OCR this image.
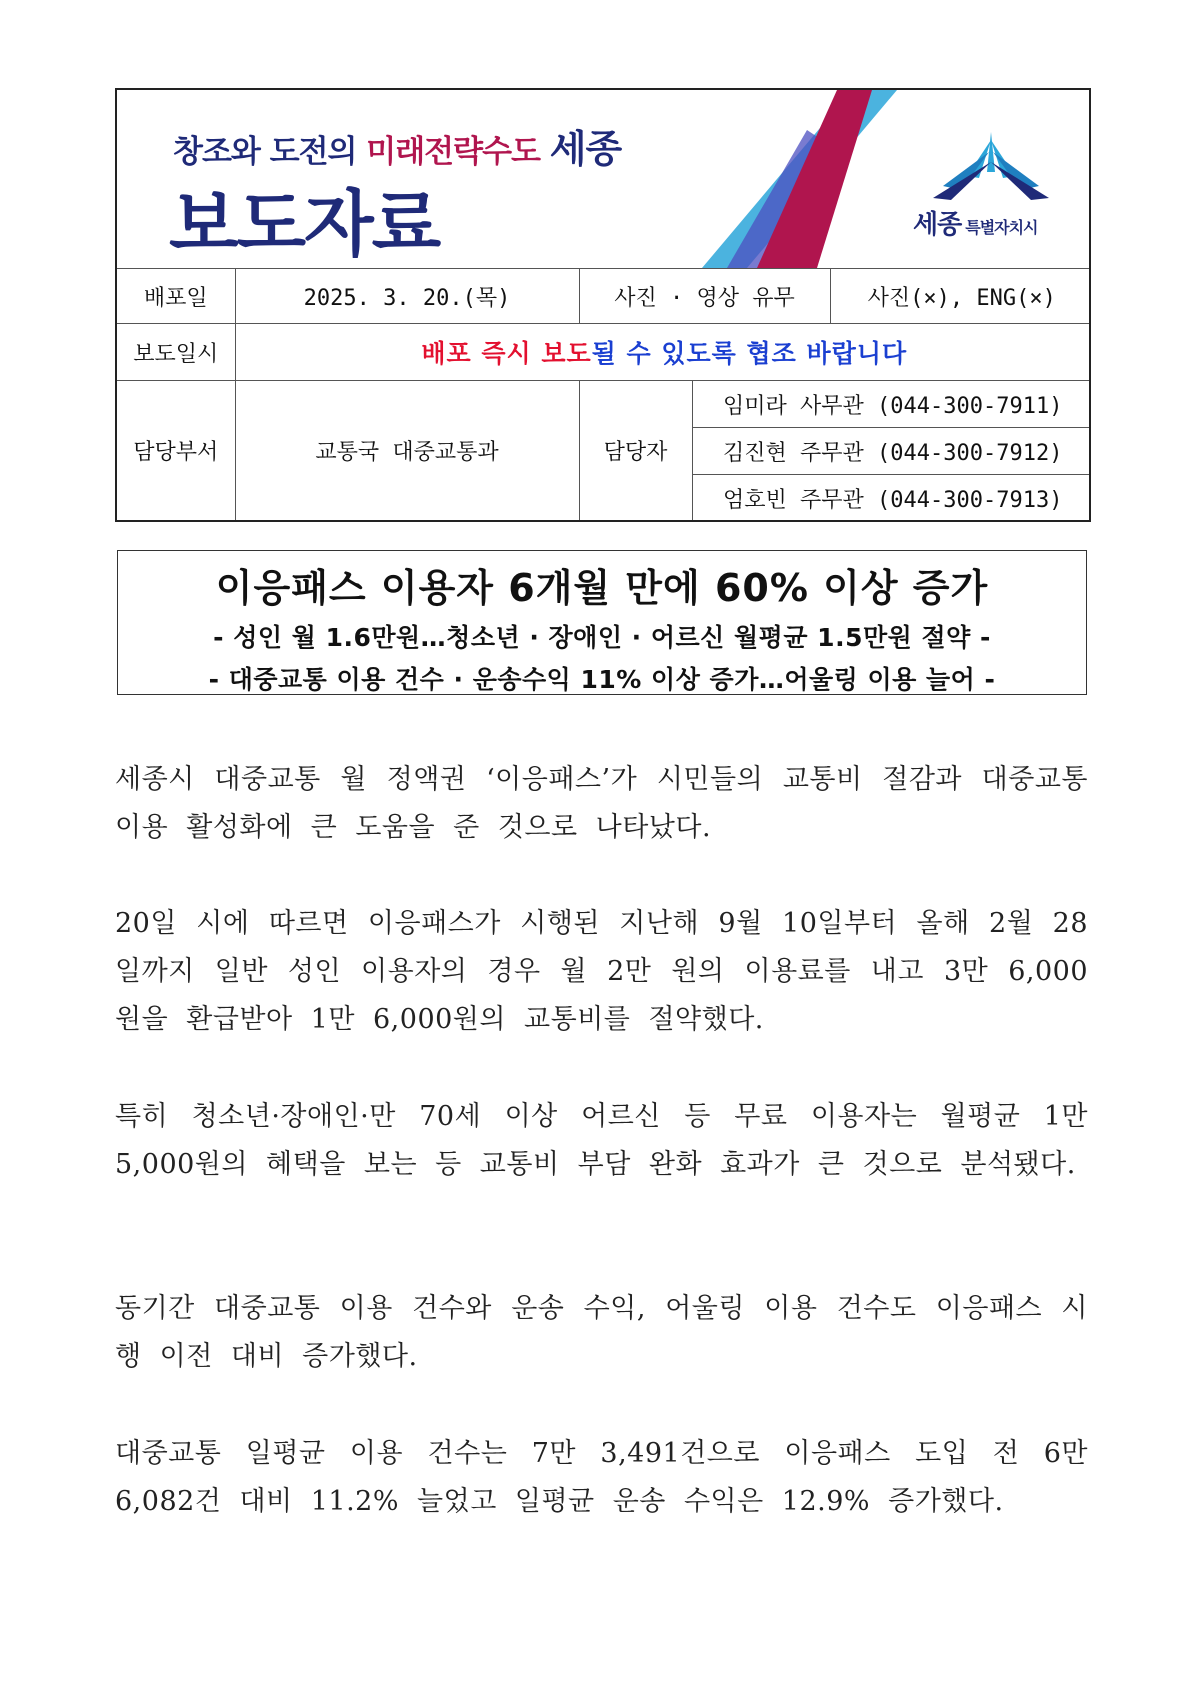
창조와 도전의 미래전략수도 세종
보도자료	세종 특별자치시
배포일	2025. 3. 20.(목)	사진 · 영상 유무		사진(×), ENG(×)
보도일시	배포 즉시 보도될 수 있도록 협조 바랍니다			
담당부서	교통국 대중교통과	담당자	임미라 사무관 (044-300-7911)	
			김진현 주무관 (044-300-7912)	
			엄호빈 주무관 (044-300-7913)	
이응패스 이용자 6개월 만에 60% 이상 증가
- 성인 월 1.6만원…청소년 · 장애인 · 어르신 월평균 1.5만원 절약 -
- 대중교통 이용 건수 · 운송수익 11% 이상 증가…어울링 이용 늘어 -
세종시 대중교통 월 정액권 ‘이응패스’가 시민들의 교통비 절감과 대중교통 이용 활성화에 큰 도움을 준 것으로 나타났다.
20일 시에 따르면 이응패스가 시행된 지난해 9월 10일부터 올해 2월 28일까지 일반 성인 이용자의 경우 월 2만 원의 이용료를 내고 3만 6,000원을 환급받아 1만 6,000원의 교통비를 절약했다.
특히 청소년·장애인·만 70세 이상 어르신 등 무료 이용자는 월평균 1만 5,000원의 혜택을 보는 등 교통비 부담 완화 효과가 큰 것으로 분석됐다.
동기간 대중교통 이용 건수와 운송 수익, 어울링 이용 건수도 이응패스 시행 이전 대비 증가했다.
대중교통 일평균 이용 건수는 7만 3,491건으로 이응패스 도입 전 6만 6,082건 대비 11.2% 늘었고 일평균 운송 수익은 12.9% 증가했다.
